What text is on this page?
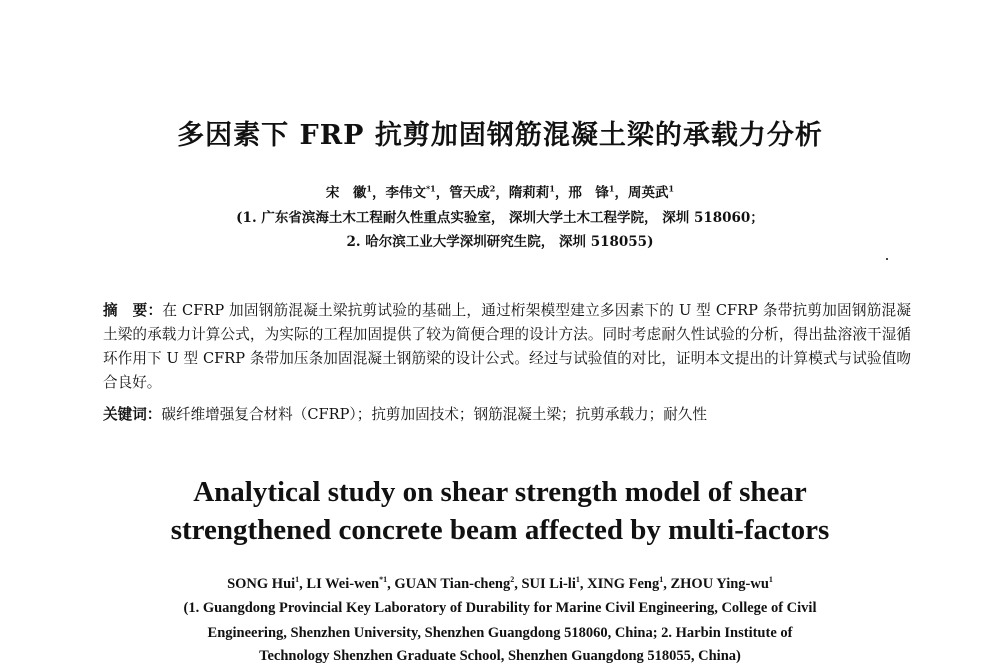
多因素下 FRP 抗剪加固钢筋混凝土梁的承载力分析
宋　徽$^1$，李伟文$^{*1}$，管天成$^2$，隋莉莉$^1$，邢　锋$^1$，周英武$^1$
(1. 广东省滨海土木工程耐久性重点实验室， 深圳大学土木工程学院， 深圳 518060；
2. 哈尔滨工业大学深圳研究生院， 深圳 518055)
摘　要：在 CFRP 加固钢筋混凝土梁抗剪试验的基础上，通过桁架模型建立多因素下的 U 型 CFRP 条带抗剪加固钢筋混凝土梁的承载力计算公式，为实际的工程加固提供了较为简便合理的设计方法。同时考虑耐久性试验的分析，得出盐溶液干湿循环作用下 U 型 CFRP 条带加压条加固混凝土钢筋梁的设计公式。经过与试验值的对比，证明本文提出的计算模式与试验值吻合良好。
关键词：碳纤维增强复合材料（CFRP）；抗剪加固技术；钢筋混凝土梁；抗剪承载力；耐久性
Analytical study on shear strength model of shear
strengthened concrete beam affected by multi-factors
SONG Hui$^1$, LI Wei-wen$^{*1}$, GUAN Tian-cheng$^2$, SUI $Li-li^1$, XING Feng$^1$, ZHOU Ying-$wu^1$
(1. Guangdong Provincial Key Laboratory of Durability for Marine Civil Engineering, College of Civil
Engineering, Shenzhen University, Shenzhen Guangdong 518060, China; 2. Harbin Institute of
Technology Shenzhen Graduate School, Shenzhen Guangdong 518055, China)
